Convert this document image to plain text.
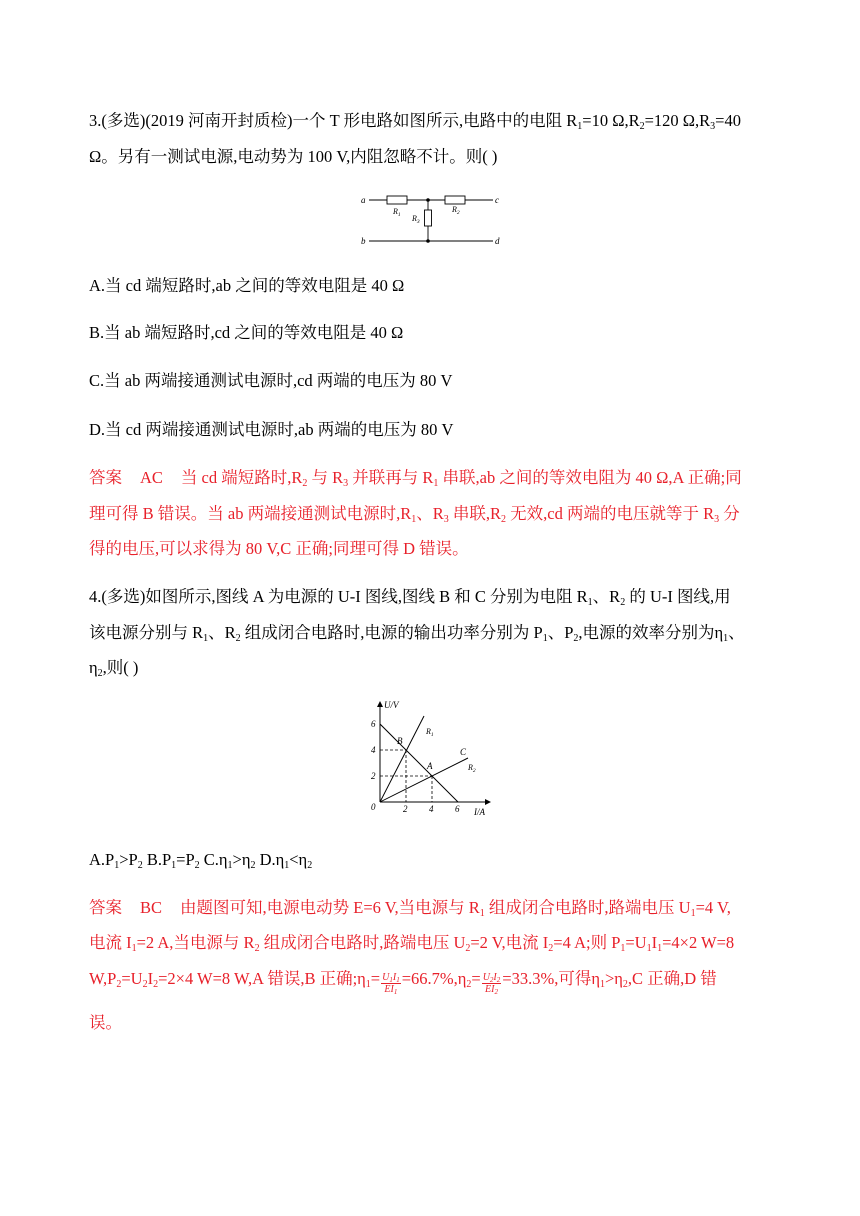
3.(多选)(2019 河南开封质检)一个 T 形电路如图所示,电路中的电阻 $R_1=10$ $\Omega,R_2=120$ $\Omega,R_3=40$
Ω。另有一测试电源,电动势为 100 V,内阻忽略不计。则( )
a
b
c
d
$R_1$
$R_2$
$R_3$
A.当 cd 端短路时,ab 之间的等效电阻是 40 Ω
B.当 ab 端短路时,cd 之间的等效电阻是 40 Ω
C.当 ab 两端接通测试电源时,cd 两端的电压为 80 V
D.当 cd 两端接通测试电源时,ab 两端的电压为 80 V
答案 AC 当 cd 端短路时$,R_2$ 与 $R_3$ 并联再与 $R_1$ 串联,ab 之间的等效电阻为 40 Ω,A 正确;同
理可得 B 错误。当 ab 两端接通测试电源时$,R_1$、$R_3$ 串联$,R_2$ 无效,cd 两端的电压就等于 $R_3$ 分
得的电压,可以求得为 80 V,C 正确;同理可得 D 错误。
4.(多选)如图所示,图线 A 为电源的 U-I 图线,图线 B 和 C 分别为电阻 $R_1$、$R_2$ 的 U-I 图线,用
该电源分别与 $R_1$、$R_2$ 组成闭合电路时,电源的输出功率分别为 $P_1$、$P_2$,电源的效率分别为$\eta_1$、
$\eta_2$,则( )
U/V
I/A
0
6
4
2
2 4 6
B
A
C
$R_1$
$R_2$
$A.P_1>P_2$ $B.P_1=P_2$ $C.\eta_1>\eta_2$ $D.\eta_1<\eta_2$
答案 BC 由题图可知,电源电动势 E=6 V,当电源与 $R_1$ 组成闭合电路时,路端电压 $U_1=4$ V,
电流 $I_1=2$ A,当电源与 $R_2$ 组成闭合电路时,路端电压 $U_2=2$ V,电流 $I_2=4$ A;则 $P_1=U_1I_1=4\times 2$ W=8
$W,P_2=U_2I_2=2\times 4$ W=8 W,A 错误,B 正确$;\eta_1= \frac{U_1I_1}{EI_1} =66.7\%,\eta_2= \frac{U_2I_2}{EI_2} =33.3\%$,可得$\eta_1>\eta_2,C$ 正确,D 错
误。
